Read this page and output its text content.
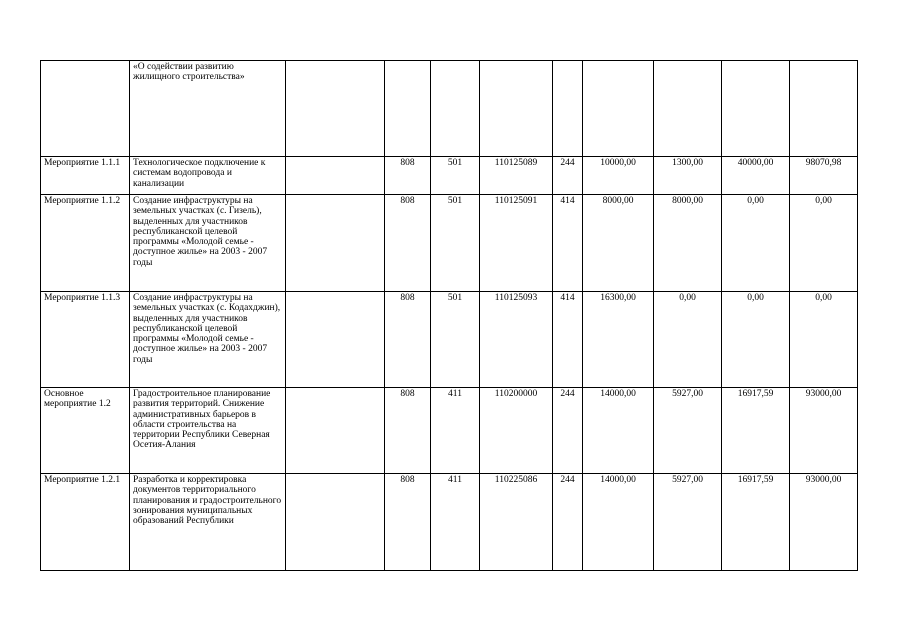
	«О содействии развитию жилищного строительства»									
Мероприятие 1.1.1	Технологическое подключение к системам водопровода и канализации		808	501	110125089	244	10000,00	1300,00	40000,00	98070,98
Мероприятие 1.1.2	Создание инфраструктуры на земельных участках (с. Гизель), выделенных для участников республиканской целевой программы «Молодой семье - доступное жилье» на 2003 - 2007 годы		808	501	110125091	414	8000,00	8000,00	0,00	0,00
Мероприятие 1.1.3	Создание инфраструктуры на земельных участках (с. Кодахджин), выделенных для участников республиканской целевой программы «Молодой семье - доступное жилье» на 2003 - 2007 годы		808	501	110125093	414	16300,00	0,00	0,00	0,00
Основное мероприятие 1.2	Градостроительное планирование развития территорий. Снижение административных барьеров в области строительства на территории Республики Северная Осетия-Алания		808	411	110200000	244	14000,00	5927,00	16917,59	93000,00
Мероприятие 1.2.1	Разработка и корректировка документов территориального планирования и градостроительного зонирования муниципальных образований Республики		808	411	110225086	244	14000,00	5927,00	16917,59	93000,00
